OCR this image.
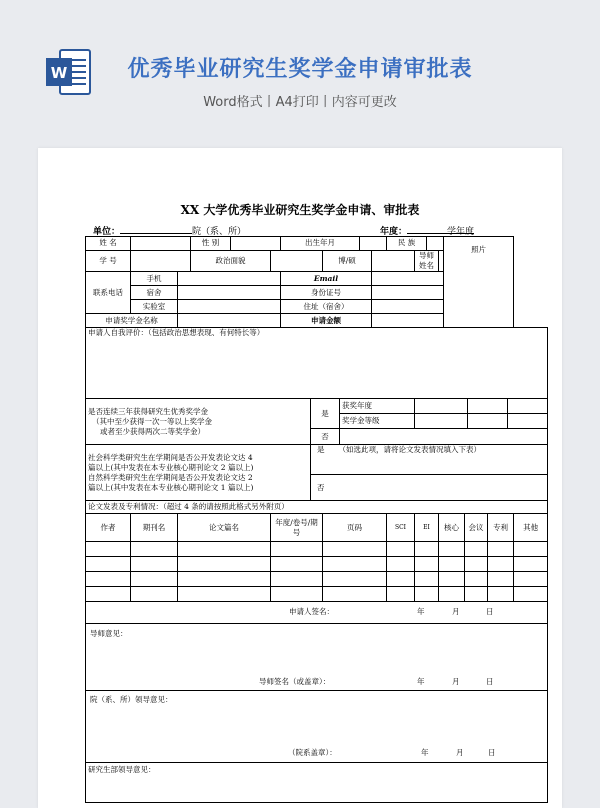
W	优秀毕业研究生奖学金申请审批表
Word格式丨A4打印丨内容可更改
XX 大学优秀毕业研究生奖学金申请、审批表
单位：	院（系、所）	年度：	学年度
姓 名			性 别			出生年月						民 族				照片					
学 号			政治面貌					博/硕					导师姓名								
联系电话	手机					Email															
	宿舍					身份证号															
	实验室					住址（宿舍）															
申请奖学金名称						申请金额															
申请人自我评价：（包括政治思想表现、有何特长等）																					

是否连续三年获得研究生优秀奖学金
（其中至少获得一次一等以上奖学金
或者至少获得两次二等奖学金）							是		获奖年度												
									奖学金等级												
							否														

社会科学类研究生在学期间是否公开发表论文达 4
篇以上(其中发表在本专业核心期刊论文 2 篇以上)
自然科学类研究生在学期间是否公开发表论文达 2
篇以上(其中发表在本专业核心期刊论文 1 篇以上)							是 （如选此项，请将论文发表情况填入下表）														
							否														
论文发表及专利情况：（超过 4 条的请按照此格式另外附页）																					
作者	期刊名	论文篇名			年度/卷号/期号			页码				SCI	EI		核心		会议		专利		其他

申请人签名： 年 月 日																					

导师意见：
导师签名（或盖章）： 年 月 日																					

院（系、所）领导意见：
（院系盖章）： 年 月 日																					

研究生部领导意见：																					
